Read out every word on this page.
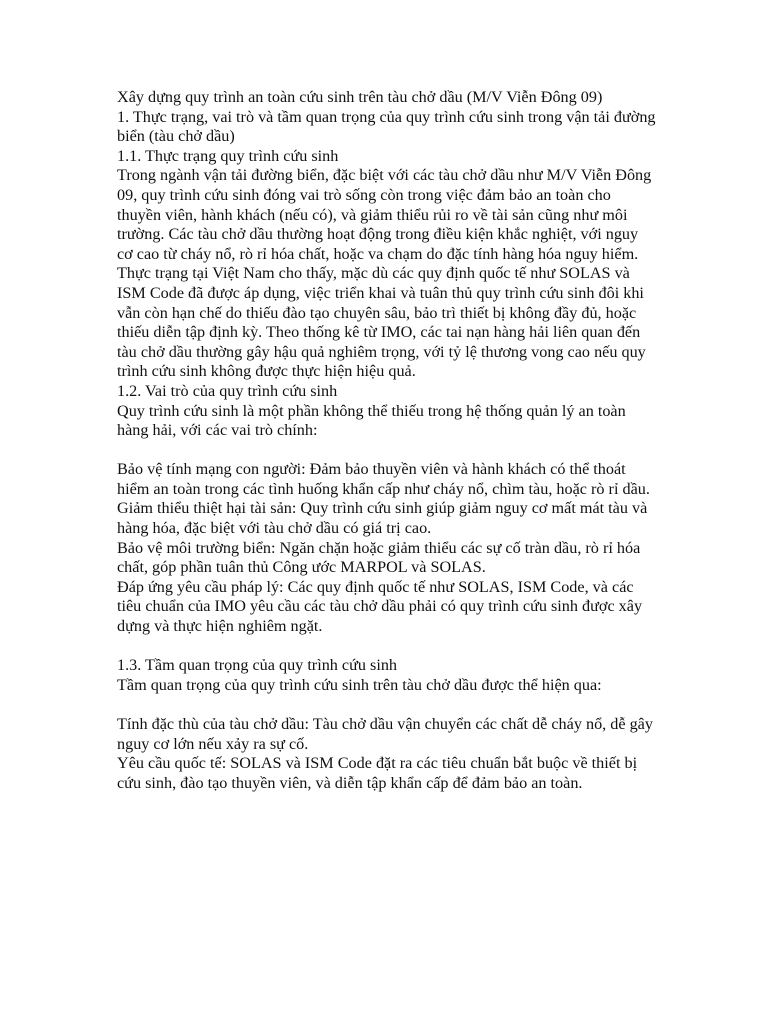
Xây dựng quy trình an toàn cứu sinh trên tàu chở dầu (M/V Viễn Đông 09)

1. Thực trạng, vai trò và tầm quan trọng của quy trình cứu sinh trong vận tải đường biển (tàu chở dầu)

1.1. Thực trạng quy trình cứu sinh

Trong ngành vận tải đường biển, đặc biệt với các tàu chở dầu như M/V Viễn Đông 09, quy trình cứu sinh đóng vai trò sống còn trong việc đảm bảo an toàn cho thuyền viên, hành khách (nếu có), và giảm thiểu rủi ro về tài sản cũng như môi trường. Các tàu chở dầu thường hoạt động trong điều kiện khắc nghiệt, với nguy cơ cao từ cháy nổ, rò rỉ hóa chất, hoặc va chạm do đặc tính hàng hóa nguy hiểm. Thực trạng tại Việt Nam cho thấy, mặc dù các quy định quốc tế như SOLAS và ISM Code đã được áp dụng, việc triển khai và tuân thủ quy trình cứu sinh đôi khi vẫn còn hạn chế do thiếu đào tạo chuyên sâu, bảo trì thiết bị không đầy đủ, hoặc thiếu diễn tập định kỳ. Theo thống kê từ IMO, các tai nạn hàng hải liên quan đến tàu chở dầu thường gây hậu quả nghiêm trọng, với tỷ lệ thương vong cao nếu quy trình cứu sinh không được thực hiện hiệu quả.

1.2. Vai trò của quy trình cứu sinh

Quy trình cứu sinh là một phần không thể thiếu trong hệ thống quản lý an toàn hàng hải, với các vai trò chính:

Bảo vệ tính mạng con người: Đảm bảo thuyền viên và hành khách có thể thoát hiểm an toàn trong các tình huống khẩn cấp như cháy nổ, chìm tàu, hoặc rò rỉ dầu.

Giảm thiểu thiệt hại tài sản: Quy trình cứu sinh giúp giảm nguy cơ mất mát tàu và hàng hóa, đặc biệt với tàu chở dầu có giá trị cao.

Bảo vệ môi trường biển: Ngăn chặn hoặc giảm thiểu các sự cố tràn dầu, rò rỉ hóa chất, góp phần tuân thủ Công ước MARPOL và SOLAS.

Đáp ứng yêu cầu pháp lý: Các quy định quốc tế như SOLAS, ISM Code, và các tiêu chuẩn của IMO yêu cầu các tàu chở dầu phải có quy trình cứu sinh được xây dựng và thực hiện nghiêm ngặt.

1.3. Tầm quan trọng của quy trình cứu sinh

Tầm quan trọng của quy trình cứu sinh trên tàu chở dầu được thể hiện qua:

Tính đặc thù của tàu chở dầu: Tàu chở dầu vận chuyển các chất dễ cháy nổ, dễ gây nguy cơ lớn nếu xảy ra sự cố.

Yêu cầu quốc tế: SOLAS và ISM Code đặt ra các tiêu chuẩn bắt buộc về thiết bị cứu sinh, đào tạo thuyền viên, và diễn tập khẩn cấp để đảm bảo an toàn.
